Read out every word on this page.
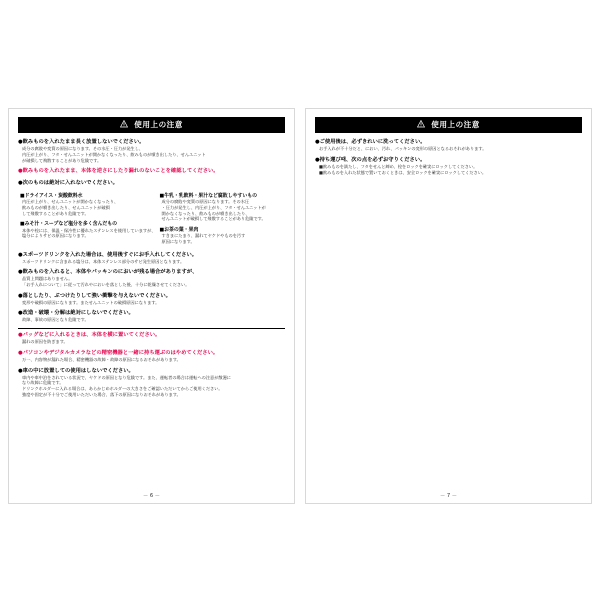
使用上の注意
●飲みものを入れたまま長く放置しないでください。
成分の腐敗や変質の原因になります。その水圧・圧力が発生し、
内圧が上がり、フタ・せんユニットが開かなくなったり、飲みものが噴き出したり、せんユニット
が破損して飛散することがあり危険です。
●飲みものを入れたまま、本体を逆さにしたり漏れのないことを確認してください。
●次のものは絶対に入れないでください。
■ドライアイス・炭酸飲料水
内圧が上がり、せんユニットが開かなくなったり、
飲みものが噴き出したり、せんユニットが破損
して飛散することがあり危険です。
■みそ汁・スープなど塩分を多く含んだもの
本体や栓には、保温・保冷性に優れたステンレスを使用していますが、
塩分によりサビの原因になります。
■牛乳・乳飲料・果汁など腐敗しやすいもの
成分の腐敗や変質の原因になります。その水圧
・圧力が発生し、内圧が上がり、フタ・せんユニットが
開かなくなったり、飲みものが噴き出したり、
せんユニットが破損して飛散することがあり危険です。
■お茶の葉・果肉
すきまにたまり、漏れてヤケドやものを汚す
原因になります。
●スポーツドリンクを入れた場合は、使用後すぐにお手入れしてください。
スポーツドリンクに含まれる塩分は、本体ステンレス部分のサビ発生原因となります。
●飲みものを入れると、本体やパッキンのにおいが残る場合がありますが、
品質上問題はありません。
「お手入れについて」に従って汚れやにおいを落とした後、十分に乾燥させてください。
●落としたり、ぶつけたりして強い衝撃を与えないでください。
変形や破損の原因になります。またせんユニットの破損原因になります。
●改造・破壊・分解は絶対にしないでください。
故障、事故の原因となり危険です。
●バッグなどに入れるときは、本体を横に置いてください。
漏れの原因を防ぎます。
●パソコンやデジタルカメラなどの精密機器と一緒に持ち運ぶのはやめてください。
万一、内容物が漏れた場合、精密機器の故障・故障の原因になるおそれがあります。
●車の中に放置しての使用はしないでください。
車内や車中泊をされている状況で、ヤケドの原因となり危険です。また、運転者の場合は運転への注意が散漫に
なり故障に危険です。
ドリンクホルダーに入れる場合は、あらかじめホルダーの大きさをご確認いただいてからご使用ください。
強度や固定が不十分でご使用いただいた場合、落下の原因になりおそれがあります。
－ 6 －
使用上の注意
●ご使用後は、必ずきれいに洗ってください。
お手入れが不十分だと、におい、汚れ、パッキンの変形の原因となるおそれがあります。
●持ち運び때、次の点を必ずお守りください。
■飲みものを満たし、フタをせんと締め、栓をロックを確実にロックしてください。
■飲みものを入れた状態で置いておくときは、安全ロックを確実にロックしてください。
－ 7 －
